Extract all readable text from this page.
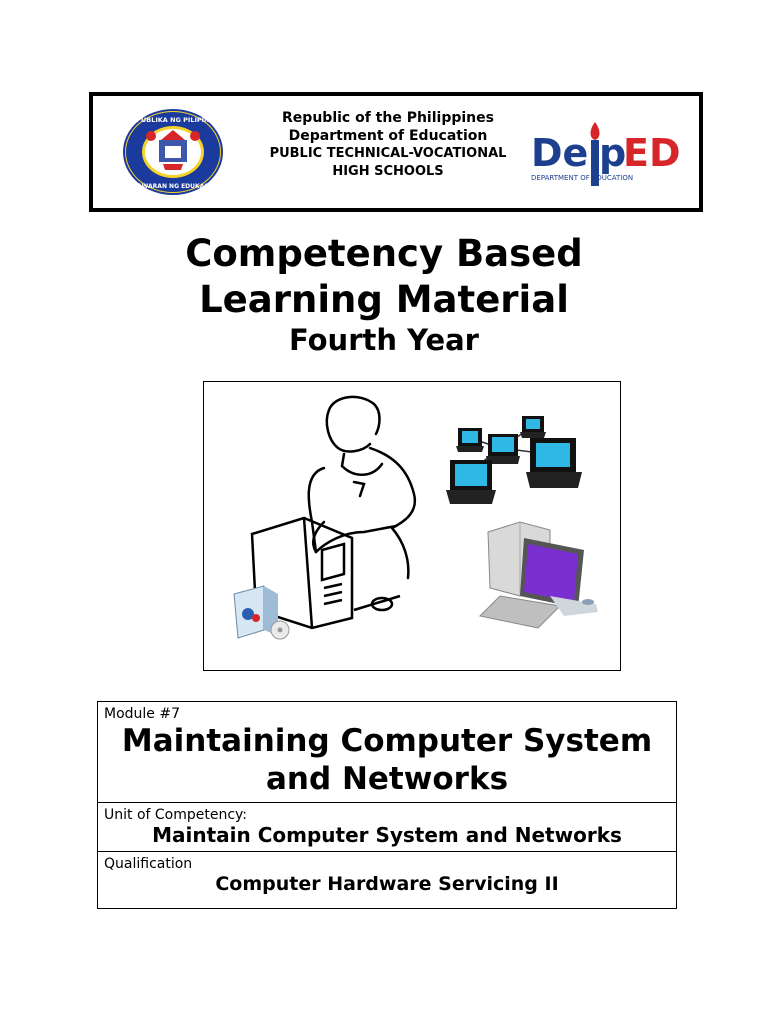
REPUBLIKA NG PILIPINAS
KAGAWARAN NG EDUKASYON
Republic of the Philippines
Department of Education
PUBLIC TECHNICAL-VOCATIONAL
HIGH SCHOOLS	De p
ED
DEPARTMENT OF EDUCATION
Competency Based
Learning Material
Fourth Year
Module #7
Maintaining Computer System and Networks
Unit of Competency:
Maintain Computer System and Networks
Qualification
Computer Hardware Servicing II
